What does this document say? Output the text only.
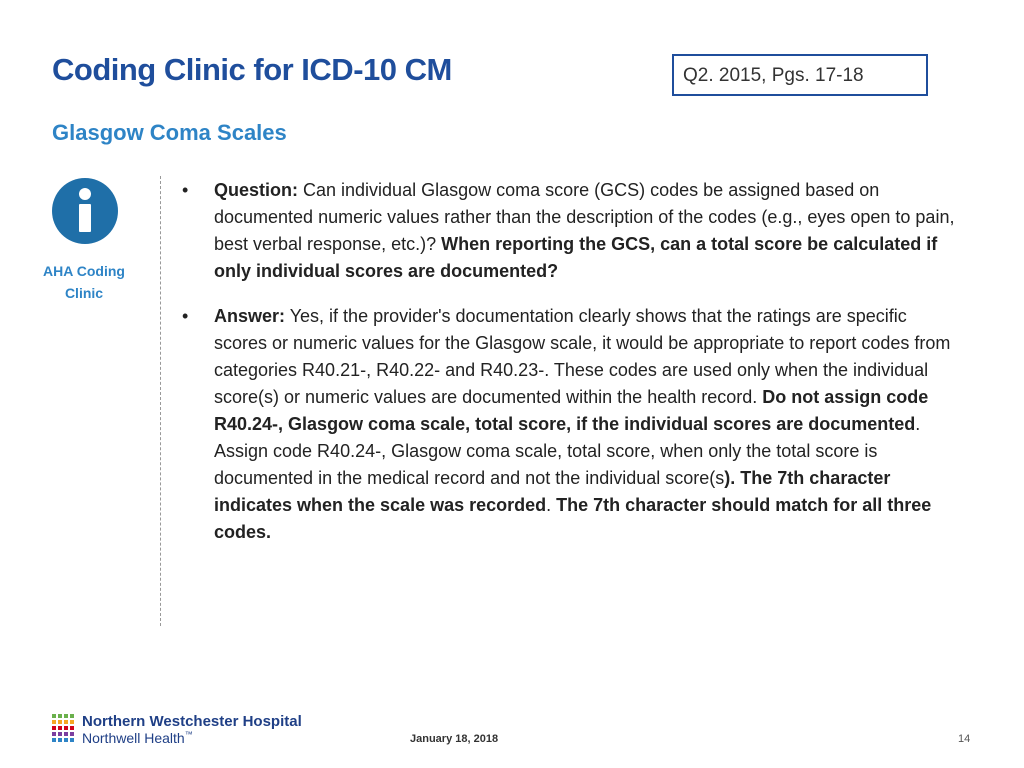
Coding Clinic for ICD-10 CM	Q2. 2015, Pgs. 17-18
Glasgow Coma Scales
AHA Coding
Clinic
• Question: Can individual Glasgow coma score (GCS) codes be assigned based on documented numeric values rather than the description of the codes (e.g., eyes open to pain, best verbal response, etc.)? When reporting the GCS, can a total score be calculated if only individual scores are documented?
• Answer: Yes, if the provider's documentation clearly shows that the ratings are specific scores or numeric values for the Glasgow scale, it would be appropriate to report codes from categories R40.21-, R40.22- and R40.23-. These codes are used only when the individual score(s) or numeric values are documented within the health record. Do not assign code R40.24-, Glasgow coma scale, total score, if the individual scores are documented. Assign code R40.24-, Glasgow coma scale, total score, when only the total score is documented in the medical record and not the individual score(s). The 7th character indicates when the scale was recorded. The 7th character should match for all three codes.
Northern Westchester Hospital
Northwell Health™	January 18, 2018	14
